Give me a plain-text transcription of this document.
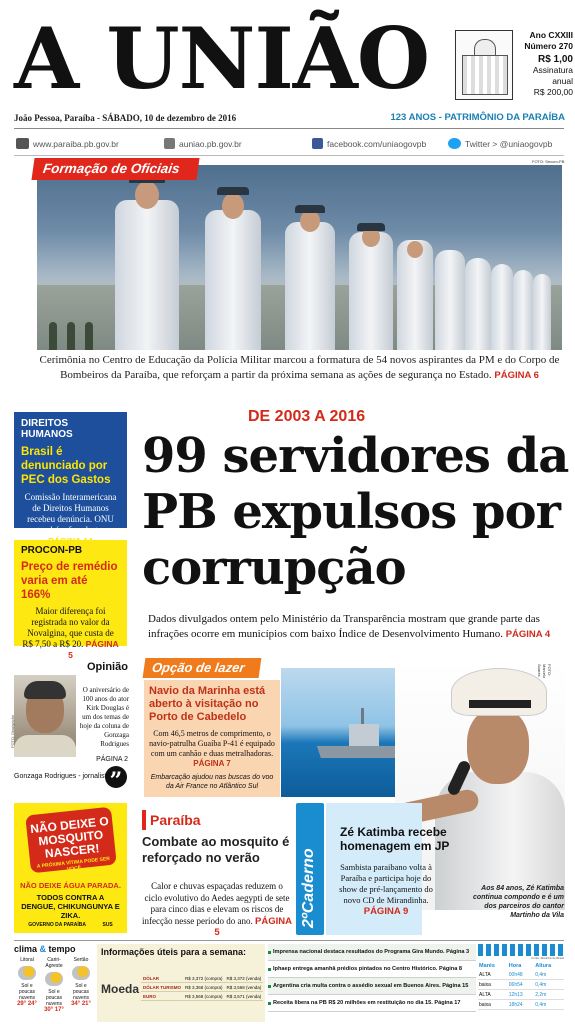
A UNIÃO	Ano CXXIII
Número 270
R$ 1,00
Assinatura
anual
R$ 200,00
João Pessoa, Paraíba - SÁBADO, 10 de dezembro de 2016	123 ANOS - PATRIMÔNIO DA PARAÍBA
www.paraiba.pb.gov.br	auniao.pb.gov.br	facebook.com/uniaogovpb	Twitter > @uniaogovpb
FOTO: Secom-PB
Formação de Oficiais
Cerimônia no Centro de Educação da Polícia Militar marcou a formatura de 54 novos aspirantes da PM e do Corpo de Bombeiros da Paraíba, que reforçam a partir da próxima semana as ações de segurança no Estado. PÁGINA 6
DIREITOS HUMANOS
Brasil é denunciado por PEC dos Gastos
Comissão Interamericana de Direitos Humanos recebeu denúncia. ONU também fez alerta.
PROCON-PB
Preço de remédio varia em até 166%
Maior diferença foi registrada no valor da Novalgina, que custa de R$ 7,50 a R$ 20. PÁGINA 5
DE 2003 A 2016
99 servidores da PB expulsos por corrupção
Dados divulgados ontem pelo Ministério da Transparência mostram que grande parte das infrações ocorre em municípios com baixo Índice de Desenvolvimento Humano. PÁGINA 4
Opinião
FOTO: Divulgação
O aniversário de 100 anos do ator Kirk Douglas é um dos temas de hoje da coluna de Gonzaga Rodrigues
PÁGINA 2
”
Gonzaga Rodrigues - jornalista
Opção de lazer
Navio da Marinha está aberto à visitação no Porto de Cabedelo
Com 46,5 metros de comprimento, o navio-patrulha Guaíba P-41 é equipado com um canhão e duas metralhadoras. PÁGINA 7
Embarcação ajudou nas buscas do voo da Air France no Atlântico Sul
FOTO: Marcelo Soares
Aos 84 anos, Zé Katimba continua compondo e é um dos parceiros do cantor Martinho da Vila
NÃO DEIXE O MOSQUITO NASCER!
A PRÓXIMA VÍTIMA PODE SER VOCÊ
NÃO DEIXE ÁGUA PARADA.
TODOS CONTRA A DENGUE, CHIKUNGUNYA E ZIKA.
GOVERNO DA PARAÍBA	SUS
Paraíba
Combate ao mosquito é reforçado no verão
Calor e chuvas espaçadas reduzem o ciclo evolutivo do Aedes aegypti de sete para cinco dias e elevam os riscos de infecção nesse período do ano. PÁGINA 5
2ºCaderno
Zé Katimba recebe homenagem em JP
Sambista paraibano volta à Paraíba e participa hoje do show de pré-lançamento do novo CD de Mirandinha. PÁGINA 9
clima & tempo
Litoral
Sol e poucas nuvens
29° 24°
Cariri-Agreste
Sol e poucas nuvens
30° 17°
Sertão
Sol e poucas nuvens
34° 21°
Informações úteis para a semana:
Moeda
DÓLAR	R$ 3,372 (compra)	R$ 3,372 (venda)
DÓLAR TURISMO	R$ 3,368 (compra)	R$ 3,568 (venda)
EURO	R$ 3,568 (compra)	R$ 3,571 (venda)
Imprensa nacional destaca resultados do Programa Gira Mundo. Página 3
Iphaep entrega amanhã prédios pintados no Centro Histórico. Página 8
Argentina cria multa contra o assédio sexual em Buenos Aires. Página 15
Receita libera na PB R$ 20 milhões em restituição no dia 15. Página 17
Fonte: Marinha do Brasil
Marés	Hora	Altura
ALTA	00h48	0,4m
baixa	06h54	0,4m
ALTA	12h13	2,2m
baixa	18h24	0,4m
